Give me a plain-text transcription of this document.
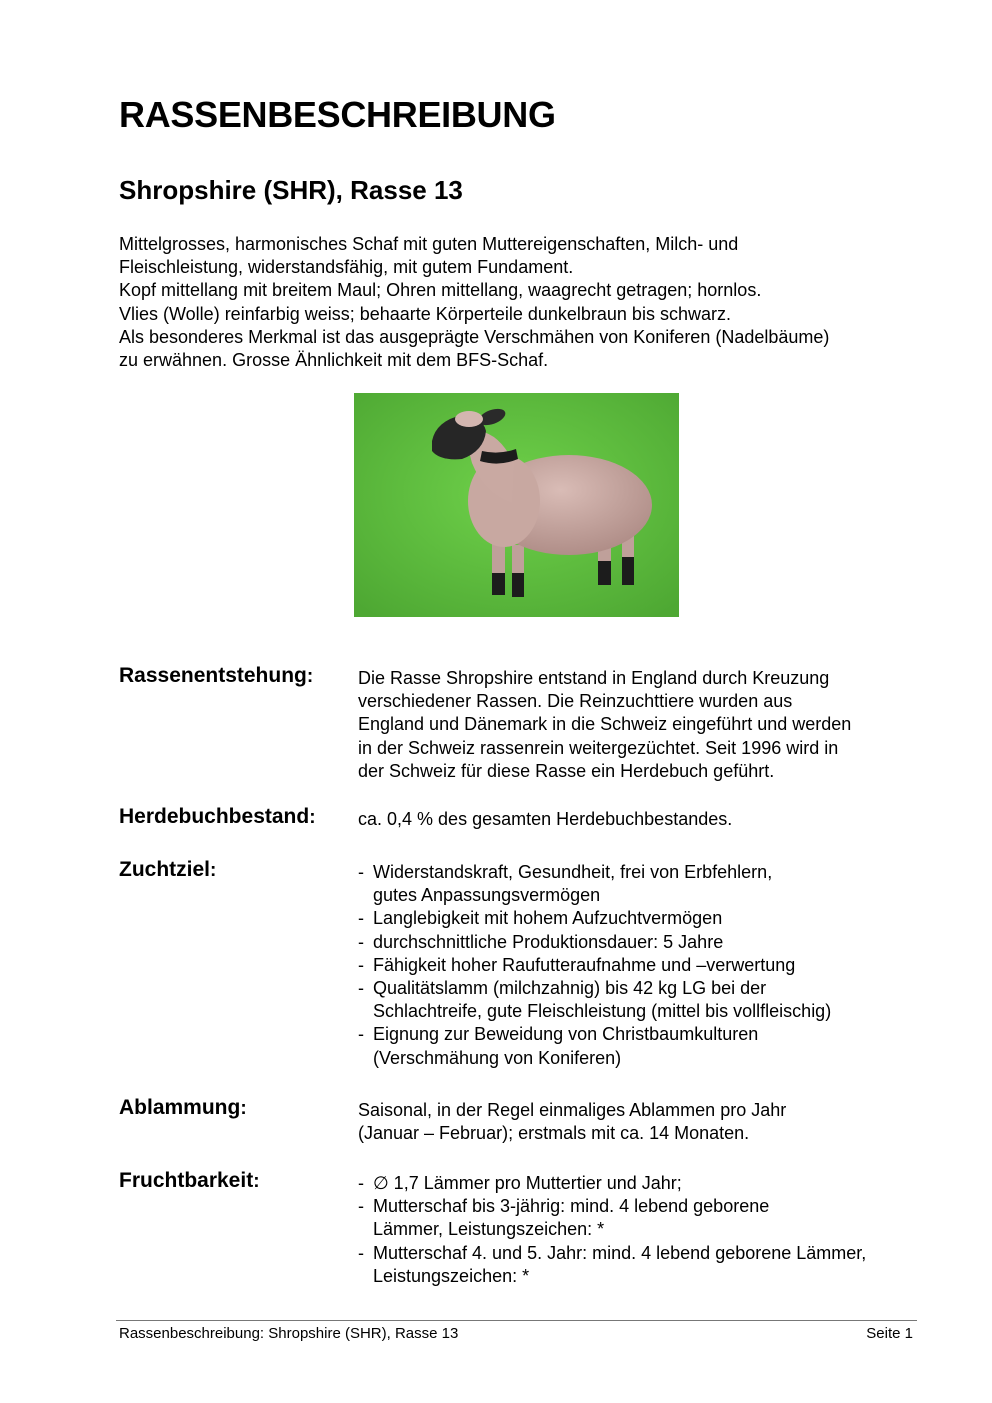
RASSENBESCHREIBUNG
Shropshire (SHR), Rasse 13
Mittelgrosses, harmonisches Schaf mit guten Muttereigenschaften, Milch- und
Fleischleistung, widerstandsfähig, mit gutem Fundament.
Kopf mittellang mit breitem Maul; Ohren mittellang, waagrecht getragen; hornlos.
Vlies (Wolle) reinfarbig weiss; behaarte Körperteile dunkelbraun bis schwarz.
Als besonderes Merkmal ist das ausgeprägte Verschmähen von Koniferen (Nadelbäume)
zu erwähnen. Grosse Ähnlichkeit mit dem BFS-Schaf.
Rassenentstehung: Die Rasse Shropshire entstand in England durch Kreuzung
verschiedener Rassen. Die Reinzuchttiere wurden aus
England und Dänemark in die Schweiz eingeführt und werden
in der Schweiz rassenrein weitergezüchtet. Seit 1996 wird in
der Schweiz für diese Rasse ein Herdebuch geführt.
Herdebuchbestand: ca. 0,4 % des gesamten Herdebuchbestandes.
Zuchtziel:	- Widerstandskraft, Gesundheit, frei von Erbfehlern,
gutes Anpassungsvermögen
- Langlebigkeit mit hohem Aufzuchtvermögen
- durchschnittliche Produktionsdauer: 5 Jahre
- Fähigkeit hoher Raufutteraufnahme und –verwertung
- Qualitätslamm (milchzahnig) bis 42 kg LG bei der
Schlachtreife, gute Fleischleistung (mittel bis vollfleischig)
- Eignung zur Beweidung von Christbaumkulturen
(Verschmähung von Koniferen)
Ablammung:	Saisonal, in der Regel einmaliges Ablammen pro Jahr
(Januar – Februar); erstmals mit ca. 14 Monaten.
Fruchtbarkeit:	- ∅ 1,7 Lämmer pro Muttertier und Jahr;
- Mutterschaf bis 3-jährig: mind. 4 lebend geborene
Lämmer, Leistungszeichen: *
- Mutterschaf 4. und 5. Jahr: mind. 4 lebend geborene Lämmer,
Leistungszeichen: *
Rassenbeschreibung: Shropshire (SHR), Rasse 13	Seite 1
